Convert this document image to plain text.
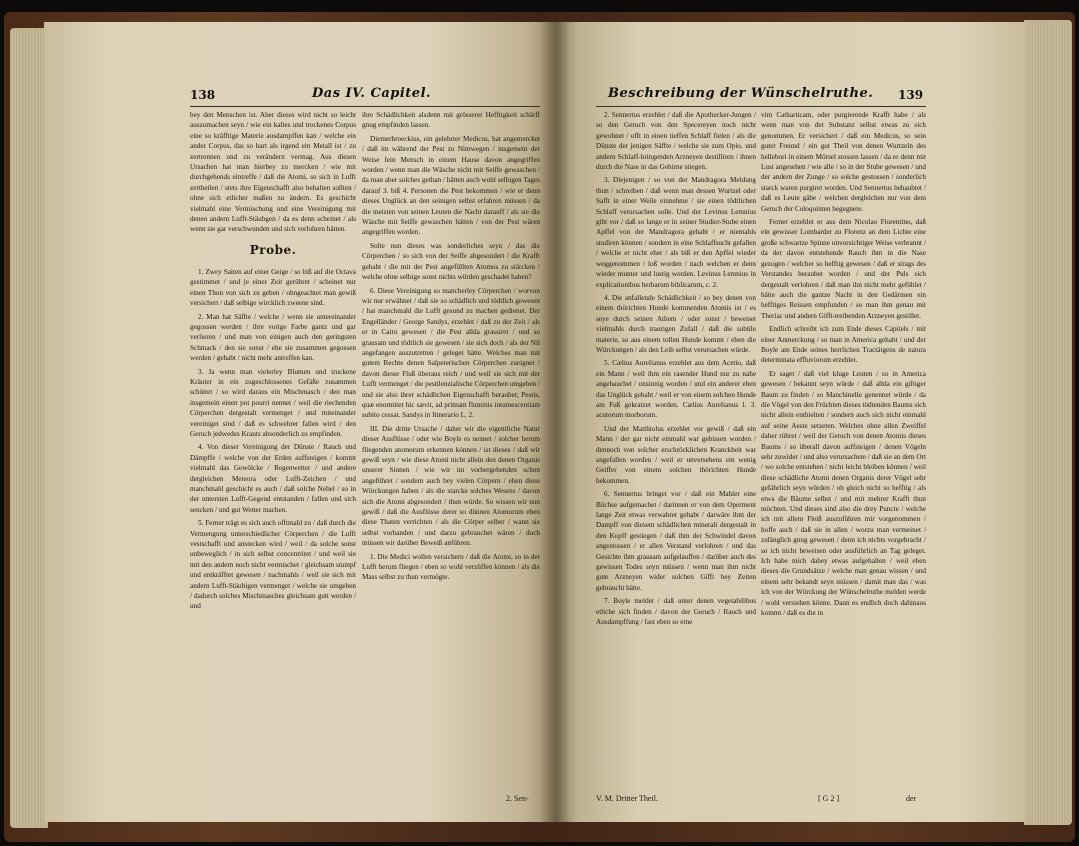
138	Das IV. Capitel.

bey den Menschen ist. Aber dieses wird nicht so leicht auszumachen seyn / wie ein kaltes und trockenes Corpus eine so kräfftige Materie ausdampffen kan / welche ein ander Corpus, das so hart als irgend ein Metall ist / zu zertrennen und zu verändern vermag. Aus diesen Ursachen hat man hierbey zu mercken / wie mit durchgehends eintreffe / daß die Atomi, so sich in Lufft zertheilen / stets ihre Eigenschafft also behalten sollten / ohne sich etlicher maßen zu ändern. Es geschicht vielmahl eine Vermischung und eine Vereinigung mit denen andern Lufft-Stäubgen / da es denn scheinet / als wenn sie gar verschwunden und sich verlohren hätten.

Probe.

1. Zwey Saiten auf einer Geige / so biß auf die Octava gestimmet / und je einer Zeit gerühret / scheinet nur einen Thon von sich zu geben / ohngeachtet man gewiß versichert / daß selbige wircklich zweene sind.

2. Man hat Säffte / welche / wenn sie untereinander gegossen werden / ihre vorige Farbe gantz und gar verlieren / und man von einigen auch den geringsten Schmack / den sie sonst / ehe sie zusammen gegossen werden / gehabt / nicht mehr antreffen kan.

3. Ja wenn man vielerley Blumen und truckene Kräuter in ein zugeschlossenes Gefäße zusammen schüttet / so wird daraus ein Mischmasch / den man insgemein einen pot pourri nennet / weil die riechenden Cörperchen dergestalt vermenget / und miteinander vereiniget sind / daß es schwehrer fallen wird / den Geruch jedwedes Krauts absonderlich zu empfinden.

4. Von dieser Vereinigung der Dünste / Rauch und Dämpffe / welche von der Erden auffsteigen / kommt vielmahl das Gewölcke / Regenwetter / und andere dergleichen Meteora oder Lufft-Zeichen / und manchmahl geschicht es auch / daß solche Nebel / so in der untersten Lufft-Gegend entstanden / fallen und sich sencken / und gut Wetter machen.

5. Ferner trägt es sich auch offtmahl zu / daß durch die Vermengung unterschiedlicher Cörperchen / die Lufft vestschafft und anstecken wird / weil / da solche sonst unbeweglich / in sich selbst concentriret / und weil sie mit den andern noch nicht vermischet / gleichsam stumpf und entkräfftet gewesen / nachmahls / weil sie sich mit andern Lufft-Stäubigen vermenget / welche sie umgeben / dadurch solches Mischmasches gleichsam gutt werden / und

ihre Schädlichkeit alsdenn mit grösserer Hefftigkeit schärff gnug empfinden lassen.

Diemerbroeckius, ein gelehrter Medicus, hat angemercket / daß im während der Pest zu Nimwegen / insgemein der Weise fein Mensch in einem Hause davon angegriffen worden / wenn man die Wäsche nicht mit Seiffe gewaschen / da man aber solches gethan / hätten auch wohl selbigen Tages darauf 3. biß 4. Personen die Pest bekommen / wie er denn dieses Unglück an den seinigen selbst erfahren müssen / da die meisten von seinen Leuten die Nacht darauff / als sie die Wäsche mit Seiffe gewaschen hätten / von der Pest wären angegriffen worden.

Solte nun dieses was sonderliches seyn / das die Cörperchen / so sich von der Seiffe abgesondert / die Krafft gehabt / die mit der Pest angefüllten Atomos zu stärcken / welche ohne selbige sonst nichts würden geschadet haben?

6. Diese Vereinigung so mancherley Cörperchen / worvon wir nur erwähnet / daß sie so schädlich und tödtlich gewesen / hat manchmahl die Lufft gesund zu machen gedienet. Der Engelländer / George Sandys, erzehlet / daß zu der Zeit / als er in Cairo gewesen / die Pest allda grassiret / und so grausam und tödtlich sie gewesen / sie sich doch / als der Nil angefangen auszutretten / geleget hätte. Welches man mit gutem Rechte denen Salpeterischen Cörperchen zueignet / davon dieser Fluß überaus reich / und weil sie sich mit der Lufft vermenget / die pestilenzialische Cörperchen umgeben / und sie also ihrer schädlichen Eigenschafft beraubet; Pestis, quæ enormiter hic sævit, ad primam fluminis intumescentiam subito cessat. Sandys in Itinerario L. 2.

III. Die dritte Ursache / daher wir die eigentliche Natur dieser Ausflüsse / oder wie Boyle es nennet / solcher herum fliegenden atomorum erkennen können / ist dieses / daß wir gewiß seyn / wie diese Atomi nicht allein den denen Organis unserer Sinnen / wie wir im vorhergehenden schon angeführet / sondern auch bey vielen Cörpern / eben diese Würckungen haben / als die starcke solches Wesens / davon sich die Atomi abgesondert / thun würde. So wissen wir nun gewiß / daß die Ausflüsse derer so dünnen Atomorum eben diese Thaten verrichten / als die Cörper selber / wann sie selbst vorhanden / und darzu gebrauchet wären / doch müssen wir darüber Beweiß anführen.

1. Die Medici wollen versichern / daß die Atomi, so in der Lufft herum fliegen / eben so wohl verzüffen können / als die Mass selbst zu thun vermögte.

2. Sen-
Beschreibung der Wünschelruthe. 139

2. Sennertus erzehlet / daß die Apothecker-Jungen / so den Geruch von den Specereyen noch nicht gewohnet / offt in einen tieffen Schlaff fielen / als die Dünste der jenigen Säffte / welche sie zum Opio, und andern Schlaff-bringenden Arzneyen destilliren / ihnen durch die Nase in das Gehirne stiegen.

3. Diejenigen / so von der Mandragora Meldung thun / schreiben / daß wenn man dessen Wurtzel oder Safft in einer Weile einnehme / sie einen tödtlichen Schlaff verursachen solle. Und der Levinus Lemnius gibt vor / daß so lange er in seiner Studier-Stube einen Apffel von der Mandragora gehabt / er niemahls studiren können / sondern in eine Schlaffsucht gefallen / welche er nicht eher / als biß er den Apffel wieder weggenommen / loß worden / nach welchen er denn wieder munter und lustig worden. Levinus Lemnius in explicationibus herbarum biblicarum, c. 2.

4. Die anfallende Schädlichkeit / so bey denen von einem thörichten Hunde kommenden Atomis ist / es seye durch seinen Athem / oder sonst / beweiset vielmahls durch traurigen Zufall / daß die subtile materie, so aus einem tollen Hunde kommt / eben die Würckungen / als den Leib selbst verursachen würde.

5. Cælius Aurelianus erzehlet aus dem Acetio, daß ein Mann / weil ihm ein rasender Hund nur zu nahe angehauchet / unsinnig worden / und ein anderer eben das Unglück gehabt / weil er von einem solchen Hunde am Fuß gekratzet worden. Cælius Aurelianus l. 3. acutorum morborum.

Und der Matthiolus erzehlet vor gewiß / daß ein Mann / der gar nicht einmahl war gebissen worden / dennoch von solcher erschröcklichen Kranckheit war angefallen worden / weil er unversehens ein wenig Geiffer von einem solchen thörichten Hunde bekommen.

6. Sennertus bringet vor / daß ein Mahler eine Büchse aufgemachet / darinnen er von dem Operment lange Zeit etwas verwahret gehabt / darwäre ihm der Dampff von diesem schädlichen minerali dergestalt in den Kopff gestiegen / daß ihm der Schwindel davon angestossen / er allen Verstand verlohren / und das Gesichte ihm grausam aufgelauffen / darüber auch des gewissen Todes seyn müssen / wenn man ihm nicht gute Arzneyen wider solchen Gifft bey Zeiten gebraucht hätte.

7. Boyle meldet / daß unter denen vegetabilibus etliche sich finden / davon der Geruch / Rauch und Ausdampffung / fast eben so eine

vim Catharticam, oder purgierende Krafft habe / als wenn man von der Substanz selbst etwas zu sich genommen. Er versichert / daß ein Medicus, so sein guter Freund / ein gut Theil von denen Wurtzeln des hellebori in einem Mörsel stossen lassen / da er denn mit Lust angesehen / wie alle / so in der Stube gewesen / und der andern der Zunge / so solche gestossen / sonderlich starck waren purgiret worden. Und Sennertus behaubtet / daß es Leute gäbe / welchen dergleichen nur von dem Geruch der Coloquinten begegnete.

Ferner erzehlet er aus dem Nicolao Florentino, daß ein gewisser Lombarder zu Florenz an dem Lichte eine große schwartze Spinne unvorsichtiger Weise verbrannt / da der davon entstehende Rauch ihm in die Nase gezogen / welcher so hefftig gewesen / daß er strags des Verstandes beraubet worden / und der Puls sich dergestalt verlohren / daß man ihn nicht mehr gefühlet / hätte auch die gantze Nacht in den Gedärmen ein hefftiges Reissen empfunden / so man ihm genau mit Theriac und andern Gifft-treibenden Arzneyen gestillet.

Endlich schreibt ich zum Ende dieses Capitels / mit einer Anmerckung / so man in America gehabt / und der Boyle am Ende seines herrlichen Tractätgens de natura determinata effluviorum erzehlet.

Er saget / daß viel kluge Leuten / so in America gewesen / bekannt seyn würde / daß allda ein giftiger Baum zu finden / so Manchinelle genennet würde / da die Vögel von den Früchten dieses tödtenden Baums sich nicht allein enthielten / sondern auch sich nicht einmahl auf seine Aeste setzeten. Welches ohne allen Zweiffel daher rühret / weil der Geruch von denen Atomis dieses Baums / so überall davon auffsteigen / denen Vögeln sehr zuwider / und also verursachete / daß sie an dem Ort / wo solche entstehen / nicht leicht bleiben können / weil diese schädliche Atomi denen Organis derer Vögel sehr gefährlich seyn würden / ob gleich nicht so hefftig / als etwa die Bäume selbst / und mit mehrer Krafft thun möchten. Und dieses sind also die drey Puncte / welche ich mit allem Fleiß auszuführen mir vorgenommen / hoffe auch / daß sie in allen / worzu man vermeinet / zulänglich gnug gewesen / denn ich nichts vorgebracht / so ich nicht beweisen oder ausführlich an Tag geleget. Ich habe mich dabey etwas aufgehalten / weil eben dieses die Grundsätze / welche man genau wissen / und einem sehr bekandt seyn müssen / damit man das / was ich von der Würckung der Wünschelruthe melden werde / wohl verstehen könne. Dann es endlich doch dahinaus kommt / daß es die in

V. M. Dritter Theil.	[ G 2 ]	der
